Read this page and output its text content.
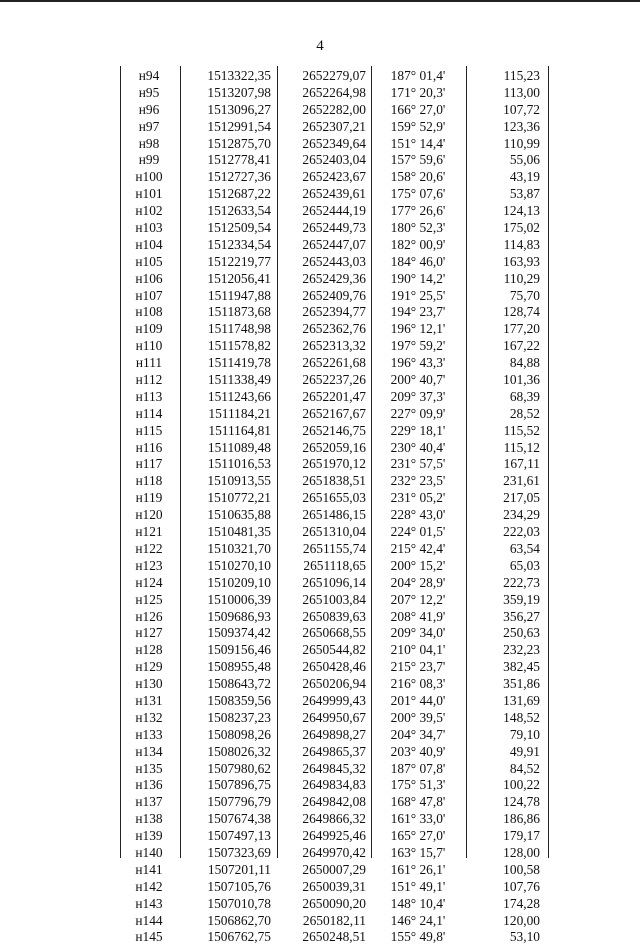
4
н94	1513322,35	2652279,07	187° 01,4'	115,23
н95	1513207,98	2652264,98	171° 20,3'	113,00
н96	1513096,27	2652282,00	166° 27,0'	107,72
н97	1512991,54	2652307,21	159° 52,9'	123,36
н98	1512875,70	2652349,64	151° 14,4'	110,99
н99	1512778,41	2652403,04	157° 59,6'	55,06
н100	1512727,36	2652423,67	158° 20,6'	43,19
н101	1512687,22	2652439,61	175° 07,6'	53,87
н102	1512633,54	2652444,19	177° 26,6'	124,13
н103	1512509,54	2652449,73	180° 52,3'	175,02
н104	1512334,54	2652447,07	182° 00,9'	114,83
н105	1512219,77	2652443,03	184° 46,0'	163,93
н106	1512056,41	2652429,36	190° 14,2'	110,29
н107	1511947,88	2652409,76	191° 25,5'	75,70
н108	1511873,68	2652394,77	194° 23,7'	128,74
н109	1511748,98	2652362,76	196° 12,1'	177,20
н110	1511578,82	2652313,32	197° 59,2'	167,22
н111	1511419,78	2652261,68	196° 43,3'	84,88
н112	1511338,49	2652237,26	200° 40,7'	101,36
н113	1511243,66	2652201,47	209° 37,3'	68,39
н114	1511184,21	2652167,67	227° 09,9'	28,52
н115	1511164,81	2652146,75	229° 18,1'	115,52
н116	1511089,48	2652059,16	230° 40,4'	115,12
н117	1511016,53	2651970,12	231° 57,5'	167,11
н118	1510913,55	2651838,51	232° 23,5'	231,61
н119	1510772,21	2651655,03	231° 05,2'	217,05
н120	1510635,88	2651486,15	228° 43,0'	234,29
н121	1510481,35	2651310,04	224° 01,5'	222,03
н122	1510321,70	2651155,74	215° 42,4'	63,54
н123	1510270,10	2651118,65	200° 15,2'	65,03
н124	1510209,10	2651096,14	204° 28,9'	222,73
н125	1510006,39	2651003,84	207° 12,2'	359,19
н126	1509686,93	2650839,63	208° 41,9'	356,27
н127	1509374,42	2650668,55	209° 34,0'	250,63
н128	1509156,46	2650544,82	210° 04,1'	232,23
н129	1508955,48	2650428,46	215° 23,7'	382,45
н130	1508643,72	2650206,94	216° 08,3'	351,86
н131	1508359,56	2649999,43	201° 44,0'	131,69
н132	1508237,23	2649950,67	200° 39,5'	148,52
н133	1508098,26	2649898,27	204° 34,7'	79,10
н134	1508026,32	2649865,37	203° 40,9'	49,91
н135	1507980,62	2649845,32	187° 07,8'	84,52
н136	1507896,75	2649834,83	175° 51,3'	100,22
н137	1507796,79	2649842,08	168° 47,8'	124,78
н138	1507674,38	2649866,32	161° 33,0'	186,86
н139	1507497,13	2649925,46	165° 27,0'	179,17
н140	1507323,69	2649970,42	163° 15,7'	128,00
н141	1507201,11	2650007,29	161° 26,1'	100,58
н142	1507105,76	2650039,31	151° 49,1'	107,76
н143	1507010,78	2650090,20	148° 10,4'	174,28
н144	1506862,70	2650182,11	146° 24,1'	120,00
н145	1506762,75	2650248,51	155° 49,8'	53,10
